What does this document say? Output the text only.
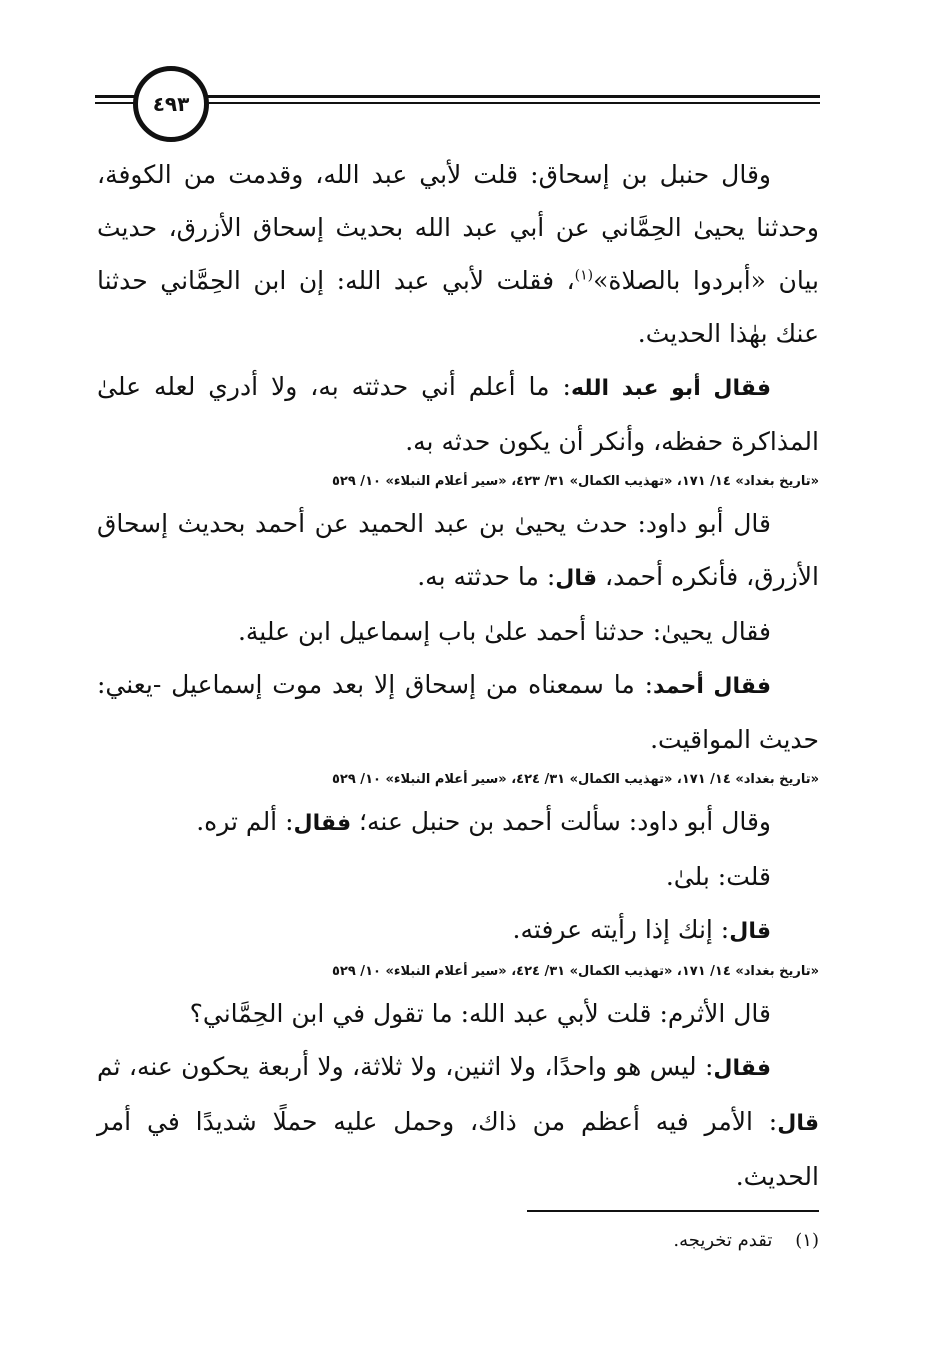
٤٩٣

وقال حنبل بن إسحاق: قلت لأبي عبد الله، وقدمت من الكوفة، وحدثنا يحيىٰ الحِمَّاني عن أبي عبد الله بحديث إسحاق الأزرق، حديث بيان «أبردوا بالصلاة»$^{(١)}$، فقلت لأبي عبد الله: إن ابن الحِمَّاني حدثنا عنك بهٰذا الحديث.

فقال أبو عبد الله: ما أعلم أني حدثته به، ولا أدري لعله علىٰ المذاكرة حفظه، وأنكر أن يكون حدثه به.

«تاريخ بغداد» ١٤/ ١٧١، «تهذيب الكمال» ٣١/ ٤٢٣، «سير أعلام النبلاء» ١٠/ ٥٢٩

قال أبو داود: حدث يحيىٰ بن عبد الحميد عن أحمد بحديث إسحاق الأزرق، فأنكره أحمد، قال: ما حدثته به.

فقال يحيىٰ: حدثنا أحمد علىٰ باب إسماعيل ابن علية.

فقال أحمد: ما سمعناه من إسحاق إلا بعد موت إسماعيل -يعني: حديث المواقيت.

«تاريخ بغداد» ١٤/ ١٧١، «تهذيب الكمال» ٣١/ ٤٢٤، «سير أعلام النبلاء» ١٠/ ٥٢٩

وقال أبو داود: سألت أحمد بن حنبل عنه؛ فقال: ألم تره.

قلت: بلىٰ.

قال: إنك إذا رأيته عرفته.

«تاريخ بغداد» ١٤/ ١٧١، «تهذيب الكمال» ٣١/ ٤٢٤، «سير أعلام النبلاء» ١٠/ ٥٢٩

قال الأثرم: قلت لأبي عبد الله: ما تقول في ابن الحِمَّاني؟

فقال: ليس هو واحدًا، ولا اثنين، ولا ثلاثة، ولا أربعة يحكون عنه، ثم قال: الأمر فيه أعظم من ذاك، وحمل عليه حملًا شديدًا في أمر الحديث.

(١)    تقدم تخريجه.
